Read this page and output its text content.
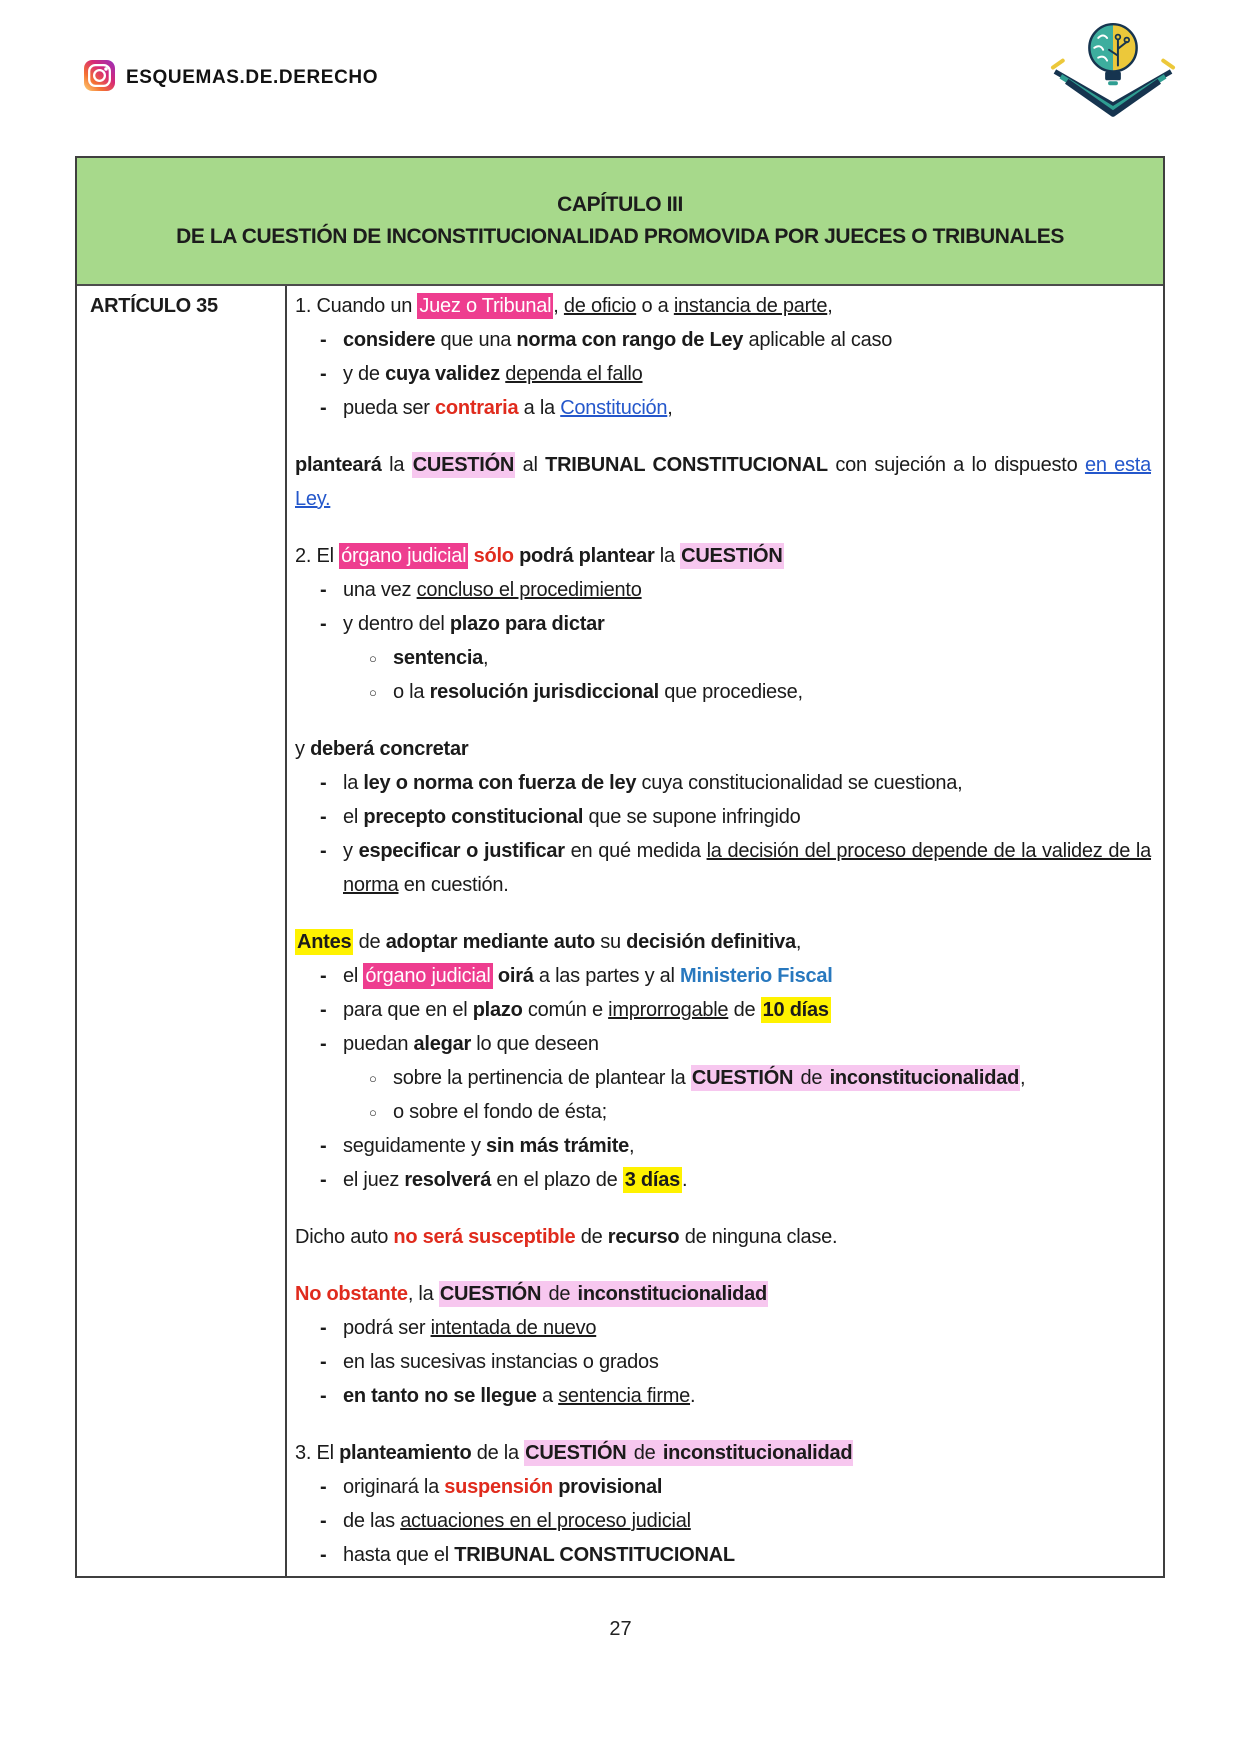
ESQUEMAS.DE.DERECHO
CAPÍTULO III
DE LA CUESTIÓN DE INCONSTITUCIONALIDAD PROMOVIDA POR JUECES O TRIBUNALES
ARTÍCULO 35	1. Cuando un Juez o Tribunal , de oficio o a instancia de parte,
- considere que una norma con rango de Ley aplicable al caso
- y de cuya validez dependa el fallo
- pueda ser contraria a la Constitución,
planteará la CUESTIÓN al TRIBUNAL CONSTITUCIONAL con sujeción a lo dispuesto en esta Ley.
2. El órgano judicial sólo podrá plantear la CUESTIÓN
- una vez concluso el procedimiento
- y dentro del plazo para dictar
○ sentencia,
○ o la resolución jurisdiccional que procediese,
y deberá concretar
- la ley o norma con fuerza de ley cuya constitucionalidad se cuestiona,
- el precepto constitucional que se supone infringido
- y especificar o justificar en qué medida la decisión del proceso depende de la validez de la norma en cuestión.
Antes de adoptar mediante auto su decisión definitiva,
- el órgano judicial oirá a las partes y al Ministerio Fiscal
- para que en el plazo común e improrrogable de 10 días
- puedan alegar lo que deseen
○ sobre la pertinencia de plantear la CUESTIÓN de inconstitucionalidad,
○ o sobre el fondo de ésta;
- seguidamente y sin más trámite,
- el juez resolverá en el plazo de 3 días .
Dicho auto no será susceptible de recurso de ninguna clase.
No obstante, la CUESTIÓN de inconstitucionalidad
- podrá ser intentada de nuevo
- en las sucesivas instancias o grados
- en tanto no se llegue a sentencia firme.
3. El planteamiento de la CUESTIÓN de inconstitucionalidad
- originará la suspensión provisional
- de las actuaciones en el proceso judicial
- hasta que el TRIBUNAL CONSTITUCIONAL
27
